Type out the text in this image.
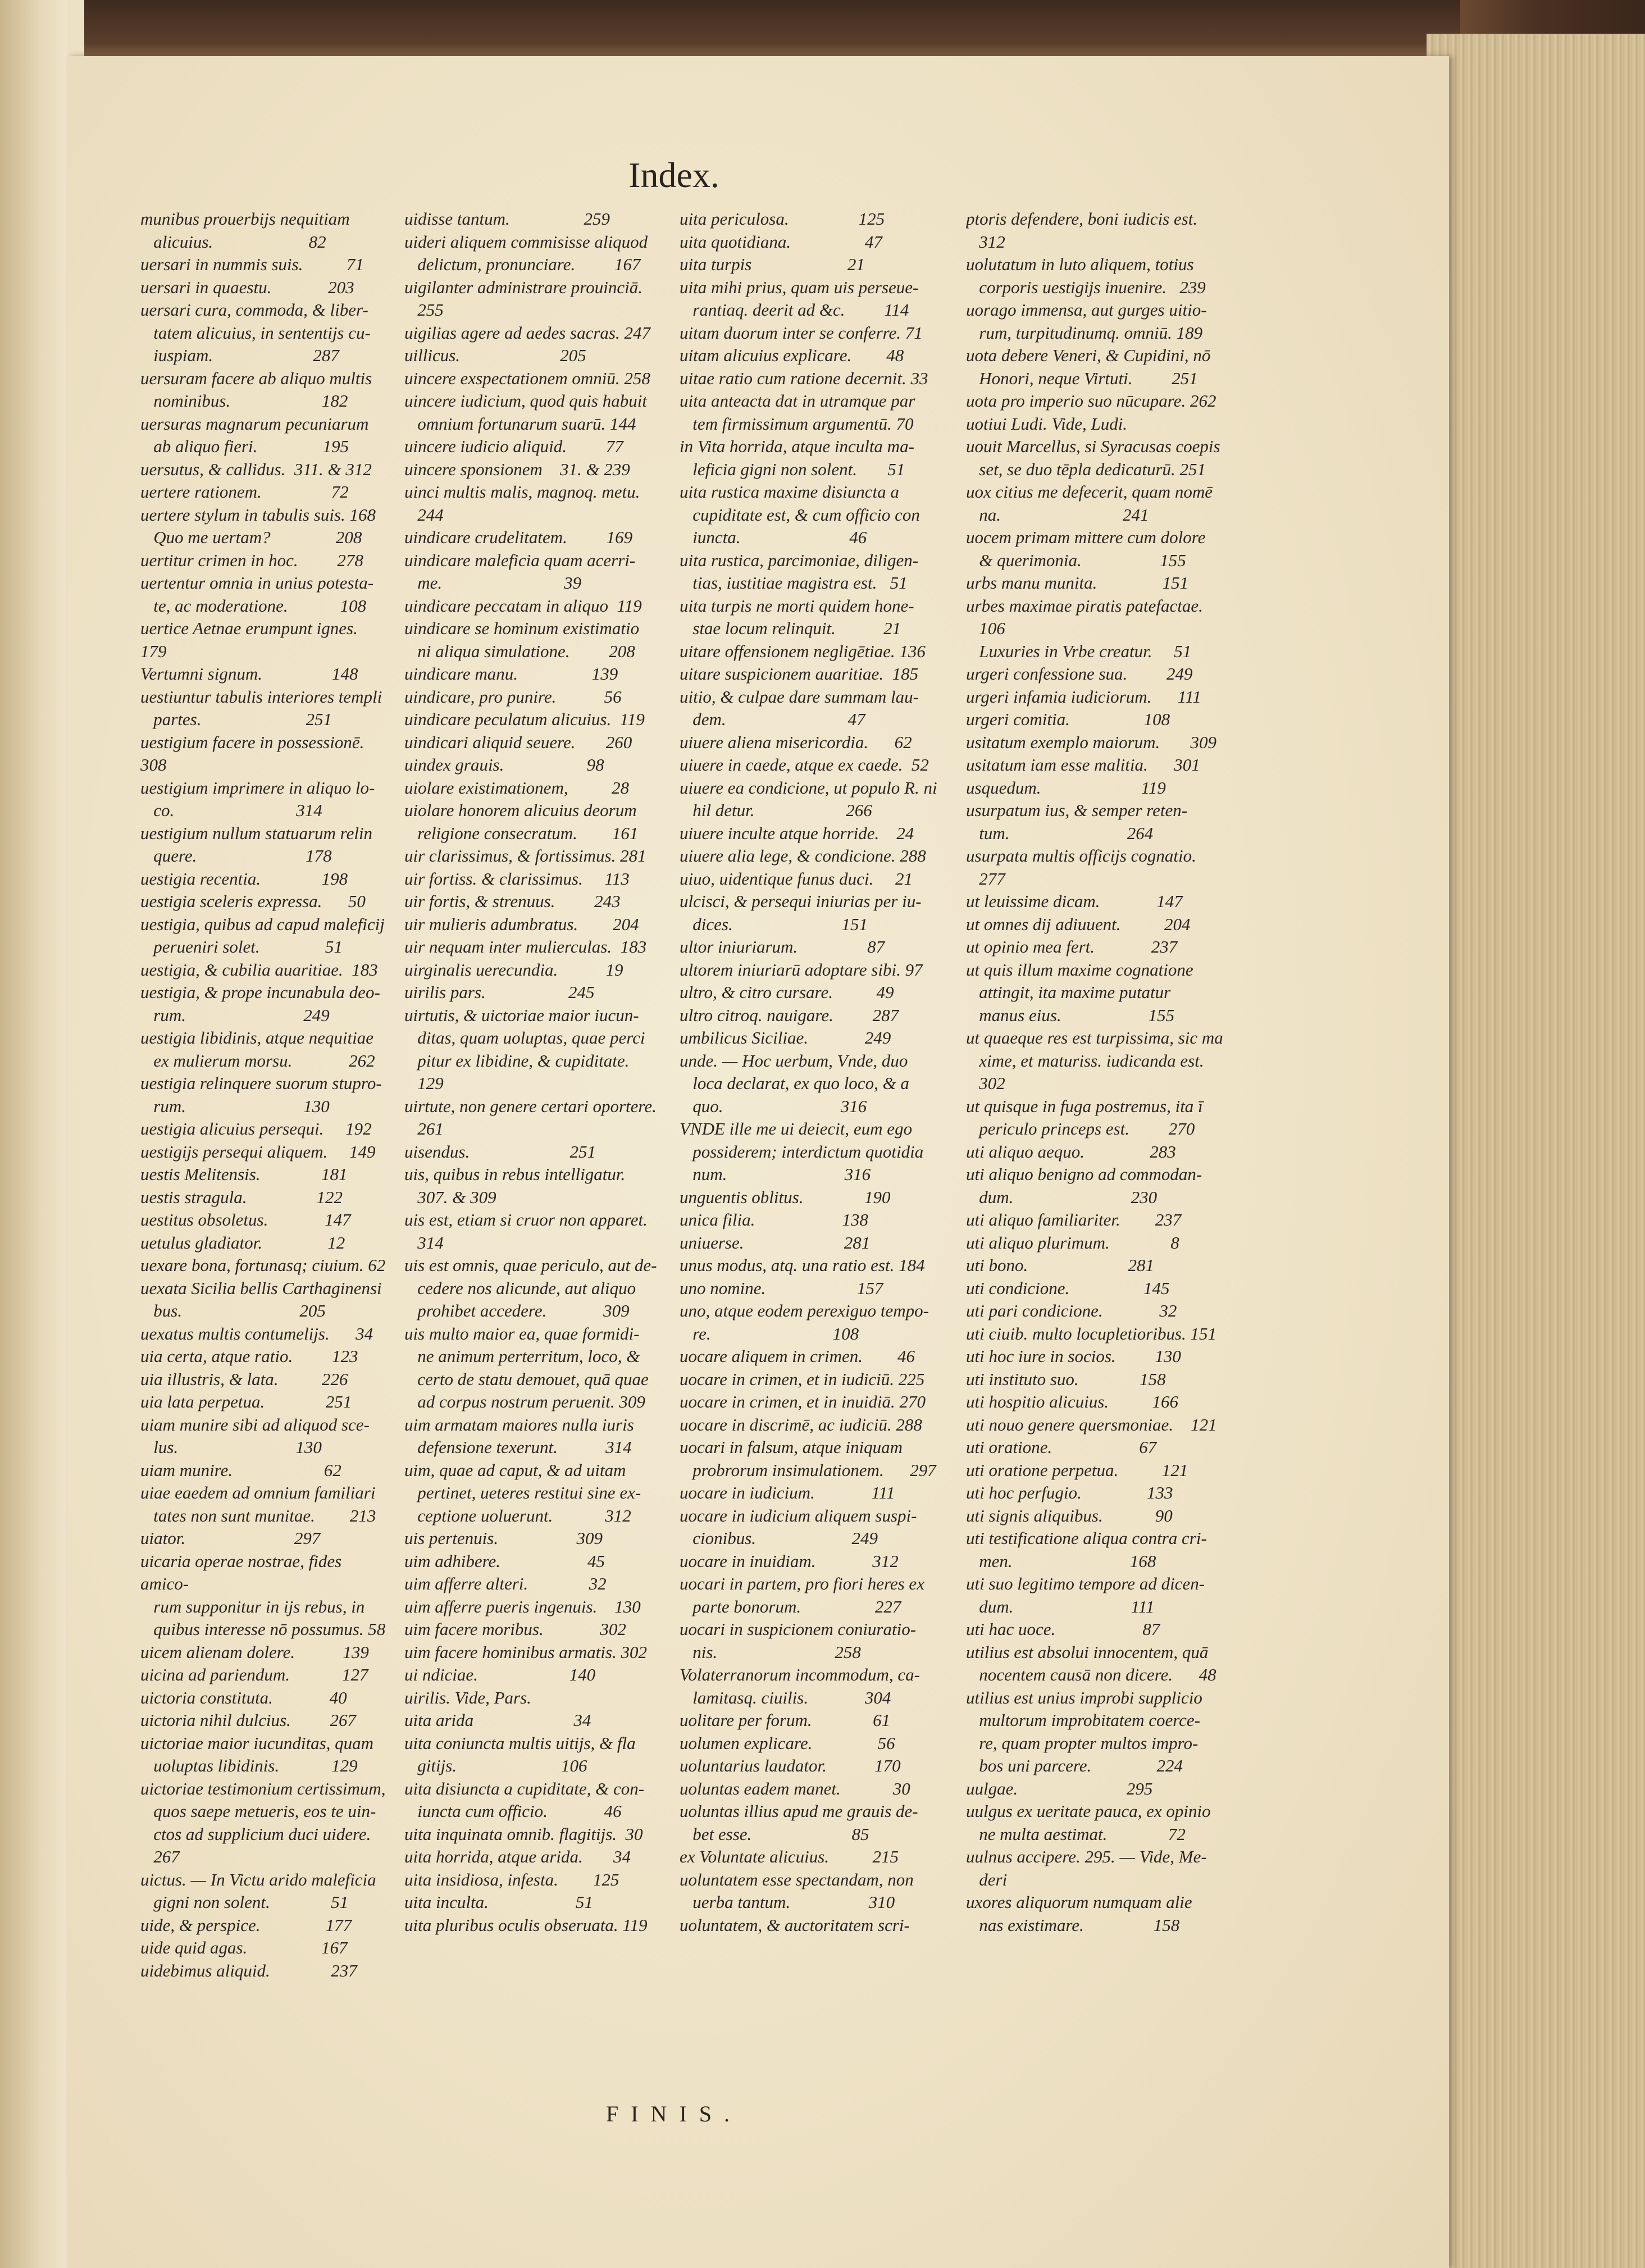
Index.
munibus prouerbijs nequitiam
alicuius.                      82
uersari in nummis suis.          71
uersari in quaestu.             203
uersari cura, commoda, & liber-
tatem alicuius, in sententijs cu-
iuspiam.                       287
uersuram facere ab aliquo multis
nominibus.                     182
uersuras magnarum pecuniarum
ab aliquo fieri.               195
uersutus, & callidus.  311. & 312
uertere rationem.                72
uertere stylum in tabulis suis. 168
Quo me uertam?               208
uertitur crimen in hoc.         278
uertentur omnia in unius potesta-
te, ac moderatione.            108
uertice Aetnae erumpunt ignes. 179
Vertumni signum.                148
uestiuntur tabulis interiores templi
partes.                        251
uestigium facere in possessionē. 308
uestigium imprimere in aliquo lo-
co.                            314
uestigium nullum statuarum relin
quere.                         178
uestigia recentia.              198
uestigia sceleris expressa.      50
uestigia, quibus ad capud maleficij
perueniri solet.               51
uestigia, & cubilia auaritiae.  183
uestigia, & prope incunabula deo-
rum.                           249
uestigia libidinis, atque nequitiae
ex mulierum morsu.             262
uestigia relinquere suorum stupro-
rum.                           130
uestigia alicuius persequi.     192
uestigijs persequi aliquem.     149
uestis Melitensis.              181
uestis stragula.                122
uestitus obsoletus.             147
uetulus gladiator.               12
uexare bona, fortunasq; ciuium. 62
uexata Sicilia bellis Carthaginensi
bus.                           205
uexatus multis contumelijs.      34
uia certa, atque ratio.         123
uia illustris, & lata.          226
uia lata perpetua.              251
uiam munire sibi ad aliquod sce-
lus.                           130
uiam munire.                     62
uiae eaedem ad omnium familiari
tates non sunt munitae.        213
uiator.                         297
uicaria operae nostrae, fides amico-
rum supponitur in ijs rebus, in
quibus interesse nō possumus. 58
uicem alienam dolere.           139
uicina ad pariendum.            127
uictoria constituta.             40
uictoria nihil dulcius.         267
uictoriae maior iucunditas, quam
uoluptas libidinis.            129
uictoriae testimonium certissimum,
quos saepe metueris, eos te uin-
ctos ad supplicium duci uidere.
267
uictus. — In Victu arido maleficia
gigni non solent.              51
uide, & perspice.               177
uide quid agas.                 167
uidebimus aliquid.              237
uidisse tantum.                 259
uideri aliquem commisisse aliquod
delictum, pronunciare.         167
uigilanter administrare prouinciā.
255
uigilias agere ad aedes sacras. 247
uillicus.                       205
uincere exspectationem omniū. 258
uincere iudicium, quod quis habuit
omnium fortunarum suarū. 144
uincere iudicio aliquid.         77
uincere sponsionem    31. & 239
uinci multis malis, magnoq. metu.
244
uindicare crudelitatem.         169
uindicare maleficia quam acerri-
me.                            39
uindicare peccatam in aliquo  119
uindicare se hominum existimatio
ni aliqua simulatione.         208
uindicare manu.                 139
uindicare, pro punire.           56
uindicare peculatum alicuius.  119
uindicari aliquid seuere.       260
uindex grauis.                   98
uiolare existimationem,          28
uiolare honorem alicuius deorum
religione consecratum.        161
uir clarissimus, & fortissimus. 281
uir fortiss. & clarissimus.     113
uir fortis, & strenuus.         243
uir mulieris adumbratus.        204
uir nequam inter mulierculas.  183
uirginalis uerecundia.           19
uirilis pars.                   245
uirtutis, & uictoriae maior iucun-
ditas, quam uoluptas, quae perci
pitur ex libidine, & cupiditate.
129
uirtute, non genere certari oportere.
261
uisendus.                       251
uis, quibus in rebus intelligatur.
307. & 309
uis est, etiam si cruor non apparet.
314
uis est omnis, quae periculo, aut de-
cedere nos alicunde, aut aliquo
prohibet accedere.             309
uis multo maior ea, quae formidi-
ne animum perterritum, loco, &
certo de statu demouet, quā quae
ad corpus nostrum peruenit. 309
uim armatam maiores nulla iuris
defensione texerunt.           314
uim, quae ad caput, & ad uitam
pertinet, ueteres restitui sine ex-
ceptione uoluerunt.            312
uis pertenuis.                  309
uim adhibere.                    45
uim afferre alteri.              32
uim afferre pueris ingenuis.    130
uim facere moribus.             302
uim facere hominibus armatis. 302
ui ndiciae.                     140
uirilis. Vide, Pars.
uita arida                       34
uita coniuncta multis uitijs, & fla
gitijs.                        106
uita disiuncta a cupiditate, & con-
iuncta cum officio.             46
uita inquinata omnib. flagitijs.  30
uita horrida, atque arida.       34
uita insidiosa, infesta.        125
uita inculta.                    51
uita pluribus oculis obseruata. 119
uita periculosa.                125
uita quotidiana.                 47
uita turpis                      21
uita mihi prius, quam uis perseue-
rantiaq. deerit ad &c.         114
uitam duorum inter se conferre. 71
uitam alicuius explicare.        48
uitae ratio cum ratione decernit. 33
uita anteacta dat in utramque par
tem firmissimum argumentū. 70
in Vita horrida, atque inculta ma-
leficia gigni non solent.       51
uita rustica maxime disiuncta a
cupiditate est, & cum officio con
iuncta.                         46
uita rustica, parcimoniae, diligen-
tias, iustitiae magistra est.   51
uita turpis ne morti quidem hone-
stae locum relinquit.           21
uitare offensionem negligētiae. 136
uitare suspicionem auaritiae.  185
uitio, & culpae dare summam lau-
dem.                            47
uiuere aliena misericordia.      62
uiuere in caede, atque ex caede.  52
uiuere ea condicione, ut populo R. ni
hil detur.                     266
uiuere inculte atque horride.    24
uiuere alia lege, & condicione. 288
uiuo, uidentique funus duci.     21
ulcisci, & persequi iniurias per iu-
dices.                         151
ultor iniuriarum.                87
ultorem iniuriarū adoptare sibi. 97
ultro, & citro cursare.          49
ultro citroq. nauigare.         287
umbilicus Siciliae.             249
unde. — Hoc uerbum, Vnde, duo
loca declarat, ex quo loco, & a
quo.                           316
VNDE ille me ui deiecit, eum ego
possiderem; interdictum quotidia
num.                           316
unguentis oblitus.              190
unica filia.                    138
uniuerse.                       281
unus modus, atq. una ratio est. 184
uno nomine.                     157
uno, atque eodem perexiguo tempo-
re.                            108
uocare aliquem in crimen.        46
uocare in crimen, et in iudiciū. 225
uocare in crimen, et in inuidiā. 270
uocare in discrimē, ac iudiciū. 288
uocari in falsum, atque iniquam
probrorum insimulationem.      297
uocare in iudicium.             111
uocare in iudicium aliquem suspi-
cionibus.                      249
uocare in inuidiam.             312
uocari in partem, pro fiori heres ex
parte bonorum.                 227
uocari in suspicionem coniuratio-
nis.                           258
Volaterranorum incommodum, ca-
lamitasq. ciuilis.             304
uolitare per forum.              61
uolumen explicare.               56
uoluntarius laudator.           170
uoluntas eadem manet.            30
uoluntas illius apud me grauis de-
bet esse.                       85
ex Voluntate alicuius.          215
uoluntatem esse spectandam, non
uerba tantum.                  310
uoluntatem, & auctoritatem scri-
ptoris defendere, boni iudicis est.
312
uolutatum in luto aliquem, totius
corporis uestigijs inuenire.   239
uorago immensa, aut gurges uitio-
rum, turpitudinumq. omniū. 189
uota debere Veneri, & Cupidini, nō
Honori, neque Virtuti.         251
uota pro imperio suo nūcupare. 262
uotiui Ludi. Vide, Ludi.
uouit Marcellus, si Syracusas coepis
set, se duo tēpla dedicaturū. 251
uox citius me defecerit, quam nomē
na.                            241
uocem primam mittere cum dolore
& querimonia.                  155
urbs manu munita.               151
urbes maximae piratis patefactae.
106
Luxuries in Vrbe creatur.     51
urgeri confessione sua.         249
urgeri infamia iudiciorum.      111
urgeri comitia.                 108
usitatum exemplo maiorum.       309
usitatum iam esse malitia.      301
usquedum.                       119
usurpatum ius, & semper reten-
tum.                           264
usurpata multis officijs cognatio.
277
ut leuissime dicam.             147
ut omnes dij adiuuent.          204
ut opinio mea fert.             237
ut quis illum maxime cognatione
attingit, ita maxime putatur
manus eius.                    155
ut quaeque res est turpissima, sic ma
xime, et maturiss. iudicanda est.
302
ut quisque in fuga postremus, ita ī
periculo princeps est.         270
uti aliquo aequo.               283
uti aliquo benigno ad commodan-
dum.                           230
uti aliquo familiariter.        237
uti aliquo plurimum.              8
uti bono.                       281
uti condicione.                 145
uti pari condicione.             32
uti ciuib. multo locupletioribus. 151
uti hoc iure in socios.         130
uti instituto suo.              158
uti hospitio alicuius.          166
uti nouo genere quersmoniae.    121
uti oratione.                    67
uti oratione perpetua.          121
uti hoc perfugio.               133
uti signis aliquibus.            90
uti testificatione aliqua contra cri-
men.                           168
uti suo legitimo tempore ad dicen-
dum.                           111
uti hac uoce.                    87
utilius est absolui innocentem, quā
nocentem causā non dicere.      48
utilius est unius improbi supplicio
multorum improbitatem coerce-
re, quam propter multos impro-
bos uni parcere.               224
uulgae.                         295
uulgus ex ueritate pauca, ex opinio
ne multa aestimat.              72
uulnus accipere. 295. — Vide, Me-
deri
uxores aliquorum numquam alie
nas existimare.                158
FINIS.
